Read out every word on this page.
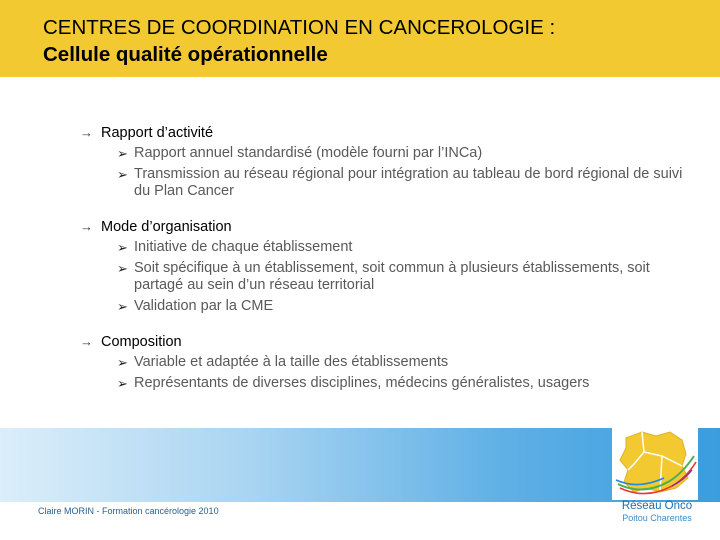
CENTRES DE COORDINATION EN CANCEROLOGIE :
Cellule qualité opérationnelle
→ Rapport d’activité
➢ Rapport annuel standardisé (modèle fourni par l’INCa)
➢ Transmission au réseau régional pour intégration au tableau de bord régional de suivi du Plan Cancer
→ Mode d’organisation
➢ Initiative de chaque établissement
➢ Soit spécifique à un établissement, soit commun à plusieurs établissements, soit partagé au sein d’un réseau territorial
➢ Validation par la CME
→ Composition
➢ Variable et adaptée à la taille des établissements
➢ Représentants de diverses disciplines, médecins généralistes, usagers
Claire MORIN - Formation cancérologie 2010	Réseau Onco
Poitou Charentes
